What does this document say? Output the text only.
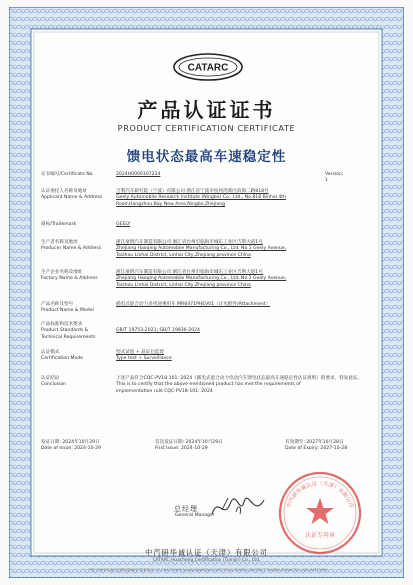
CATARC
产品认证证书
PRODUCT CERTIFICATION CERTIFICATE
馈电状态最高车速稳定性
证书编号/Certificate No.	2024H0000107234	Version: 1
认证委托人名称及地址
Applicant Name & Address
吉利汽车研究院（宁波）有限公司 浙江省宁波市杭州湾新区滨海二路818号
Geely Automobile Research Institute (Ningbo) Co., Ltd., No.818 Binhai 4th
Road,Hangzhou Bay New Area,Ningbo,Zhejiang
商标/Trademark	GEELY
生产者名称及地址
Producer Name & Address
浙江豪情汽车制造有限公司 浙江省台州市临海市城东工业区吉利大道1号
Zhejiang Haoqing Automobile Manufacturing Co., Ltd. No.1 Geely Avenue,
Taizhou Linhai District, Linhai City,Zhejiang province China
生产企业名称及地址
Factory Name & Address
浙江豪情汽车制造有限公司 浙江省台州市临海市城东工业区吉利大道1号
Zhejiang Haoqing Automobile Manufacturing Co., Ltd. No.1 Geely Avenue,
Taizhou Linhai District, Linhai City,Zhejiang province China
产品名称及型号
Product Name & Model
插电式混合动力多用途乘用车 MR6471PHEV01（详见附件/Attachment）
产品标准和技术要求
Product Standards &
Technical Requirements
GB/T 19753-2021; GB/T 19836-2024
认证模式
Certification Mode
型式试验 + 获证后监督
Type test + Surveillance
认证结论
Conclusion
上述产品符合CQC-PV18-101: 2024《插电式混合动力电动汽车馈电状态最高车速稳定性认证规则》的要求，特发此证。
This is to certify that the above-mentioned product has met the requirements of
implementation rule CQC-PV18-101: 2024
发证日期: 2024年10月29日
Date of Issue: 2024-10-29
首次发证日期: 2024年10月29日
First Issue: 2024-10-29
有效期至: 2027年10月28日
Date of Expiry: 2027-10-28
总经理
General Manager
认证专用章
中汽研华诚认证（天津）有限公司
中汽研华诚认证（天津）有限公司
CATARC Huacheng Certification (Tianjin) Co., Ltd.
中国·天津市东丽区先锋东路68号 联系电话: 022-84379999 No.68 XIANFENG EAST ROAD DONGLI DISTRICT TIANJIN CHINA TEL: 022-84379999
